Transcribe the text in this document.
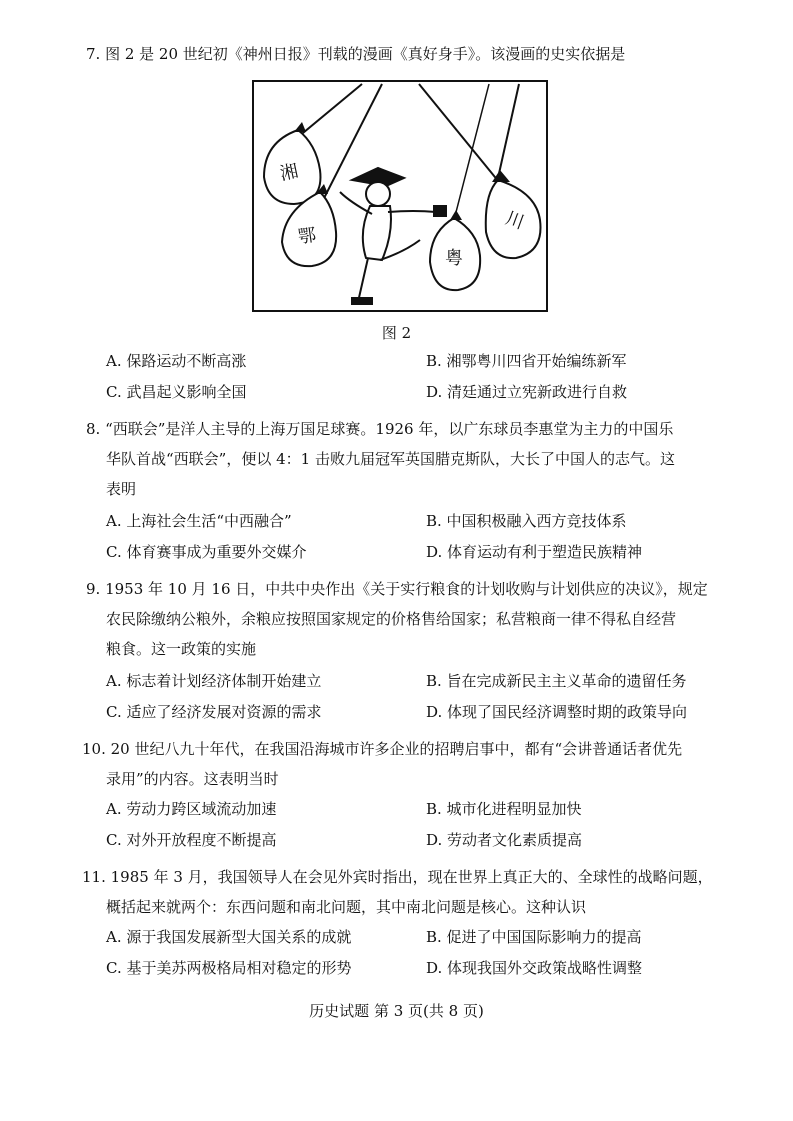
7. 图 2 是 20 世纪初《神州日报》刊载的漫画《真好身手》。该漫画的史实依据是

湘
鄂
粤
川
图 2
A. 保路运动不断高涨	B. 湘鄂粤川四省开始编练新军
C. 武昌起义影响全国	D. 清廷通过立宪新政进行自救
8. “西联会”是洋人主导的上海万国足球赛。1926 年，以广东球员李惠堂为主力的中国乐
华队首战“西联会”，便以 4：1 击败九届冠军英国腊克斯队，大长了中国人的志气。这
表明
A. 上海社会生活“中西融合”	B. 中国积极融入西方竞技体系
C. 体育赛事成为重要外交媒介	D. 体育运动有利于塑造民族精神
9. 1953 年 10 月 16 日，中共中央作出《关于实行粮食的计划收购与计划供应的决议》，规定
农民除缴纳公粮外，余粮应按照国家规定的价格售给国家；私营粮商一律不得私自经营
粮食。这一政策的实施
A. 标志着计划经济体制开始建立	B. 旨在完成新民主主义革命的遗留任务
C. 适应了经济发展对资源的需求	D. 体现了国民经济调整时期的政策导向
10. 20 世纪八九十年代，在我国沿海城市许多企业的招聘启事中，都有“会讲普通话者优先
录用”的内容。这表明当时
A. 劳动力跨区域流动加速	B. 城市化进程明显加快
C. 对外开放程度不断提高	D. 劳动者文化素质提高
11. 1985 年 3 月，我国领导人在会见外宾时指出，现在世界上真正大的、全球性的战略问题，
概括起来就两个：东西问题和南北问题，其中南北问题是核心。这种认识
A. 源于我国发展新型大国关系的成就	B. 促进了中国国际影响力的提高
C. 基于美苏两极格局相对稳定的形势	D. 体现我国外交政策战略性调整
历史试题 第 3 页(共 8 页)
